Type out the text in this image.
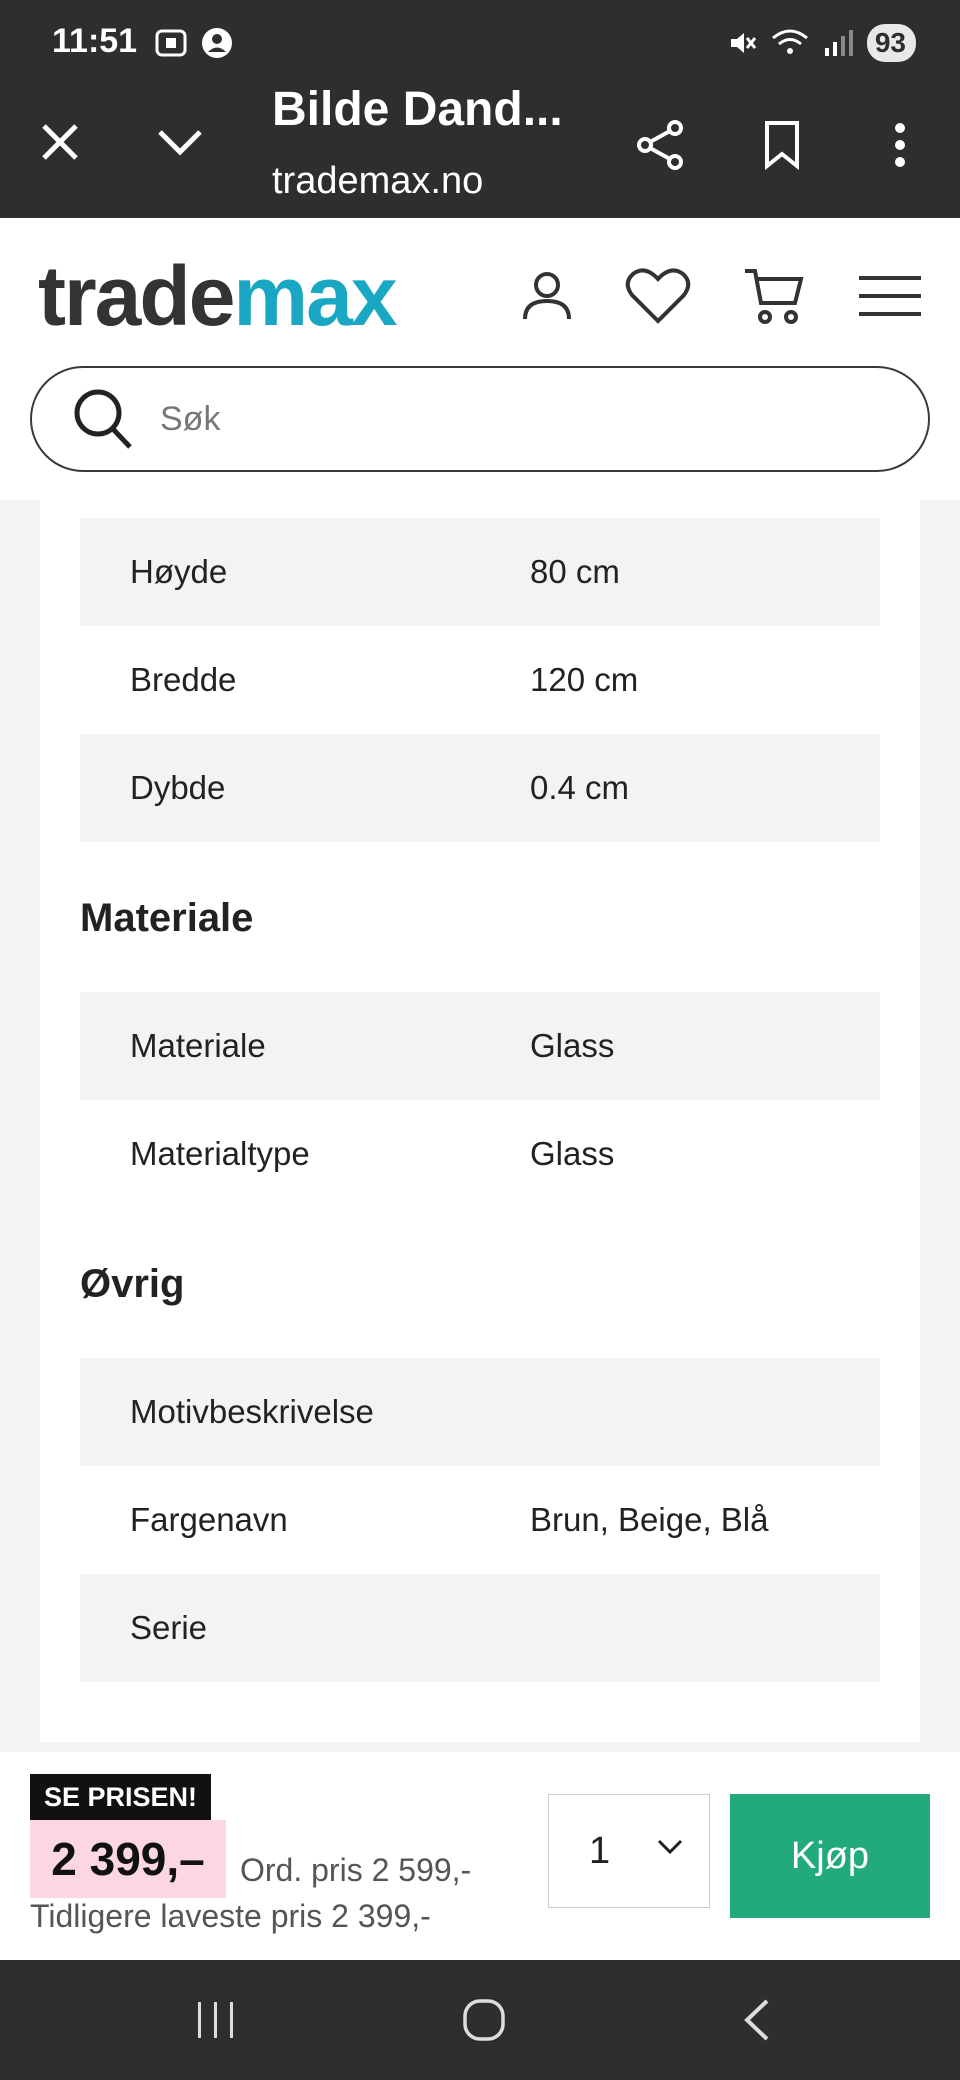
11:51	93
Bilde Dand...
trademax.no
trademax
Søk
Høyde	80 cm
Bredde	120 cm
Dybde	0.4 cm
Materiale
Materiale	Glass
Materialtype	Glass
Øvrig
Motivbeskrivelse
Fargenavn	Brun, Beige, Blå
Serie
SE PRISEN!
2 399,–	Ord. pris 2 599,-
Tidligere laveste pris 2 399,-
1	Kjøp
